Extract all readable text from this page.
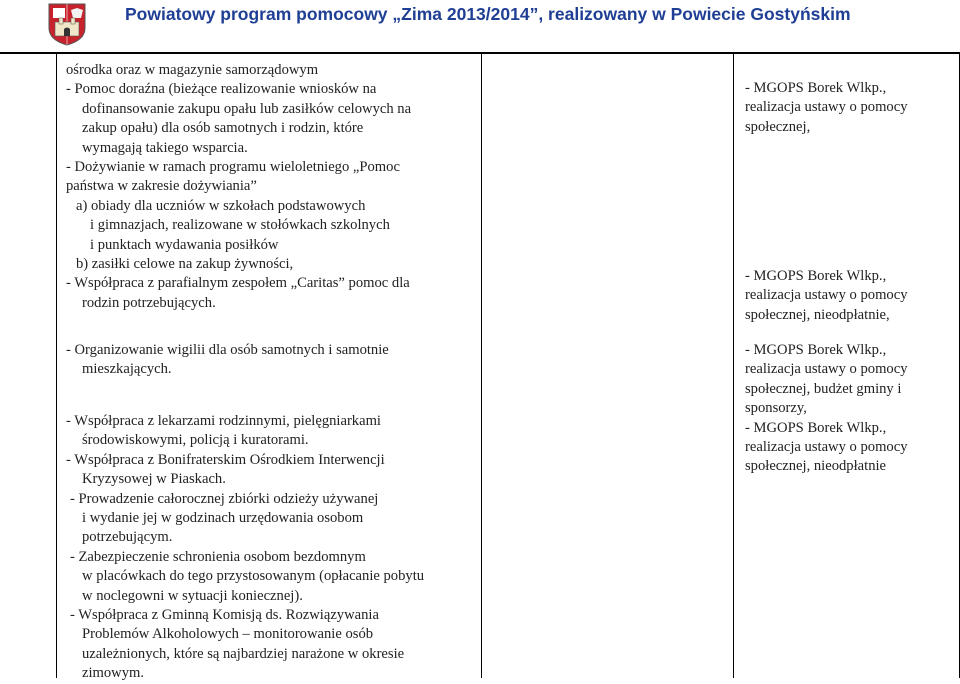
Powiatowy program pomocowy „Zima 2013/2014”, realizowany w Powiecie Gostyńskim

ośrodka oraz w magazynie samorządowym

- Pomoc doraźna (bieżące realizowanie wniosków na

dofinansowanie zakupu opału lub zasiłków celowych na

zakup opału) dla osób samotnych i rodzin, które

wymagają takiego wsparcia.

- Dożywianie w ramach programu wieloletniego „Pomoc

państwa w zakresie dożywiania”

a) obiady dla uczniów w szkołach podstawowych

i gimnazjach, realizowane w stołówkach szkolnych

i punktach wydawania posiłków

b) zasiłki celowe na zakup żywności,

- Współpraca z parafialnym zespołem „Caritas” pomoc dla

rodzin potrzebujących.

- Organizowanie wigilii dla osób samotnych i samotnie

mieszkających.

- Współpraca z lekarzami rodzinnymi, pielęgniarkami

środowiskowymi, policją i kuratorami.

- Współpraca z Bonifraterskim Ośrodkiem Interwencji

Kryzysowej w Piaskach.

- Prowadzenie całorocznej zbiórki odzieży używanej

i wydanie jej w godzinach urzędowania osobom

potrzebującym.

- Zabezpieczenie schronienia osobom bezdomnym

w placówkach do tego przystosowanym (opłacanie pobytu

w noclegowni w sytuacji koniecznej).

- Współpraca z Gminną Komisją ds. Rozwiązywania

Problemów Alkoholowych – monitorowanie osób

uzależnionych, które są najbardziej narażone w okresie

zimowym.

- MGOPS Borek Wlkp.,

realizacja ustawy o pomocy

społecznej,

- MGOPS Borek Wlkp.,

realizacja ustawy o pomocy

społecznej, nieodpłatnie,

- MGOPS Borek Wlkp.,

realizacja ustawy o pomocy

społecznej, budżet gminy i

sponsorzy,

- MGOPS Borek Wlkp.,

realizacja ustawy o pomocy

społecznej, nieodpłatnie
